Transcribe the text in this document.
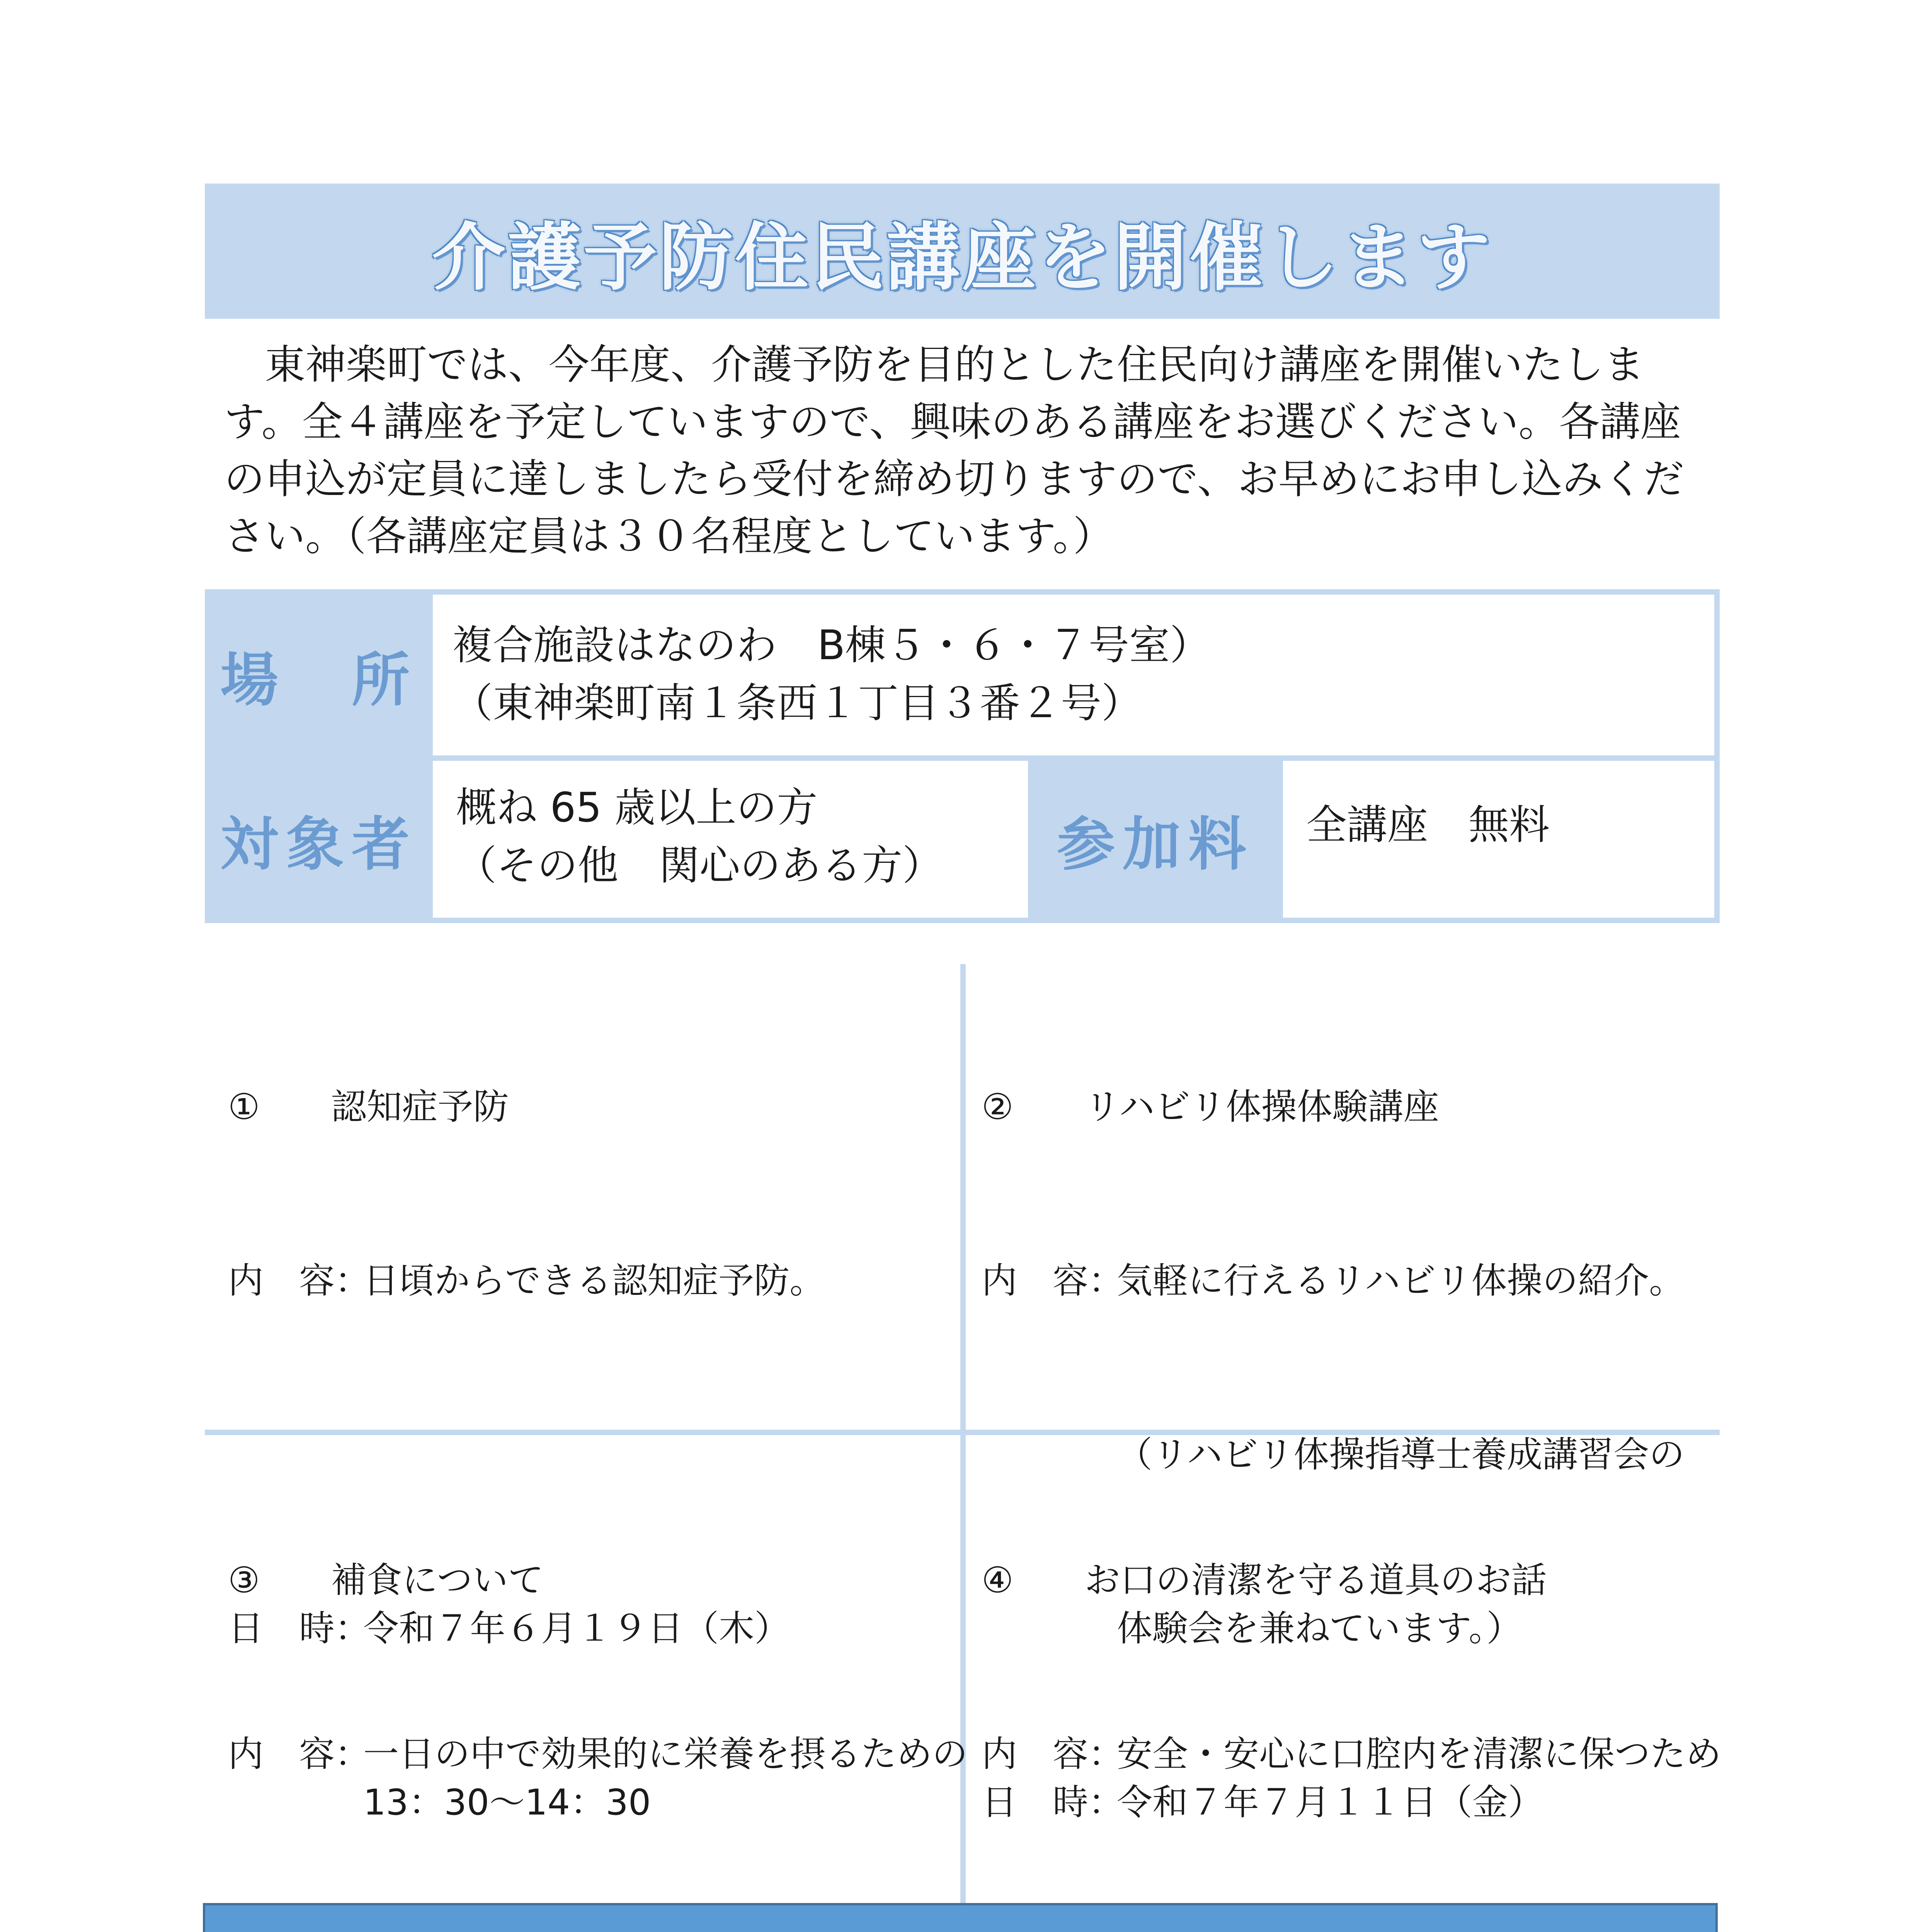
介護予防住民講座を開催します

東神楽町では、今年度、介護予防を目的とした住民向け講座を開催いたします。全４講座を予定していますので、興味のある講座をお選びください。各講座の申込が定員に達しましたら受付を締め切りますので、お早めにお申し込みください。（各講座定員は３０名程度としています。）

場　所
複合施設はなのわ　B棟５・６・７号室）
（東神楽町南１条西１丁目３番２号）
対象者
概ね 65 歳以上の方
（その他　関心のある方）	参加料	全講座　無料

①　　認知症予防

内　容：
日頃からできる認知症予防。

日　時：
令和７年６月１９日（木）

13：30～14：30

②　　リハビリ体操体験講座

内　容：
気軽に行えるリハビリ体操の紹介。

（リハビリ体操指導士養成講習会の

体験会を兼ねています。）

日　時：
令和７年７月１１日（金）

③　　補食について

内　容：
一日の中で効果的に栄養を摂るための

④　　お口の清潔を守る道具のお話

内　容：
安全・安心に口腔内を清潔に保つため
